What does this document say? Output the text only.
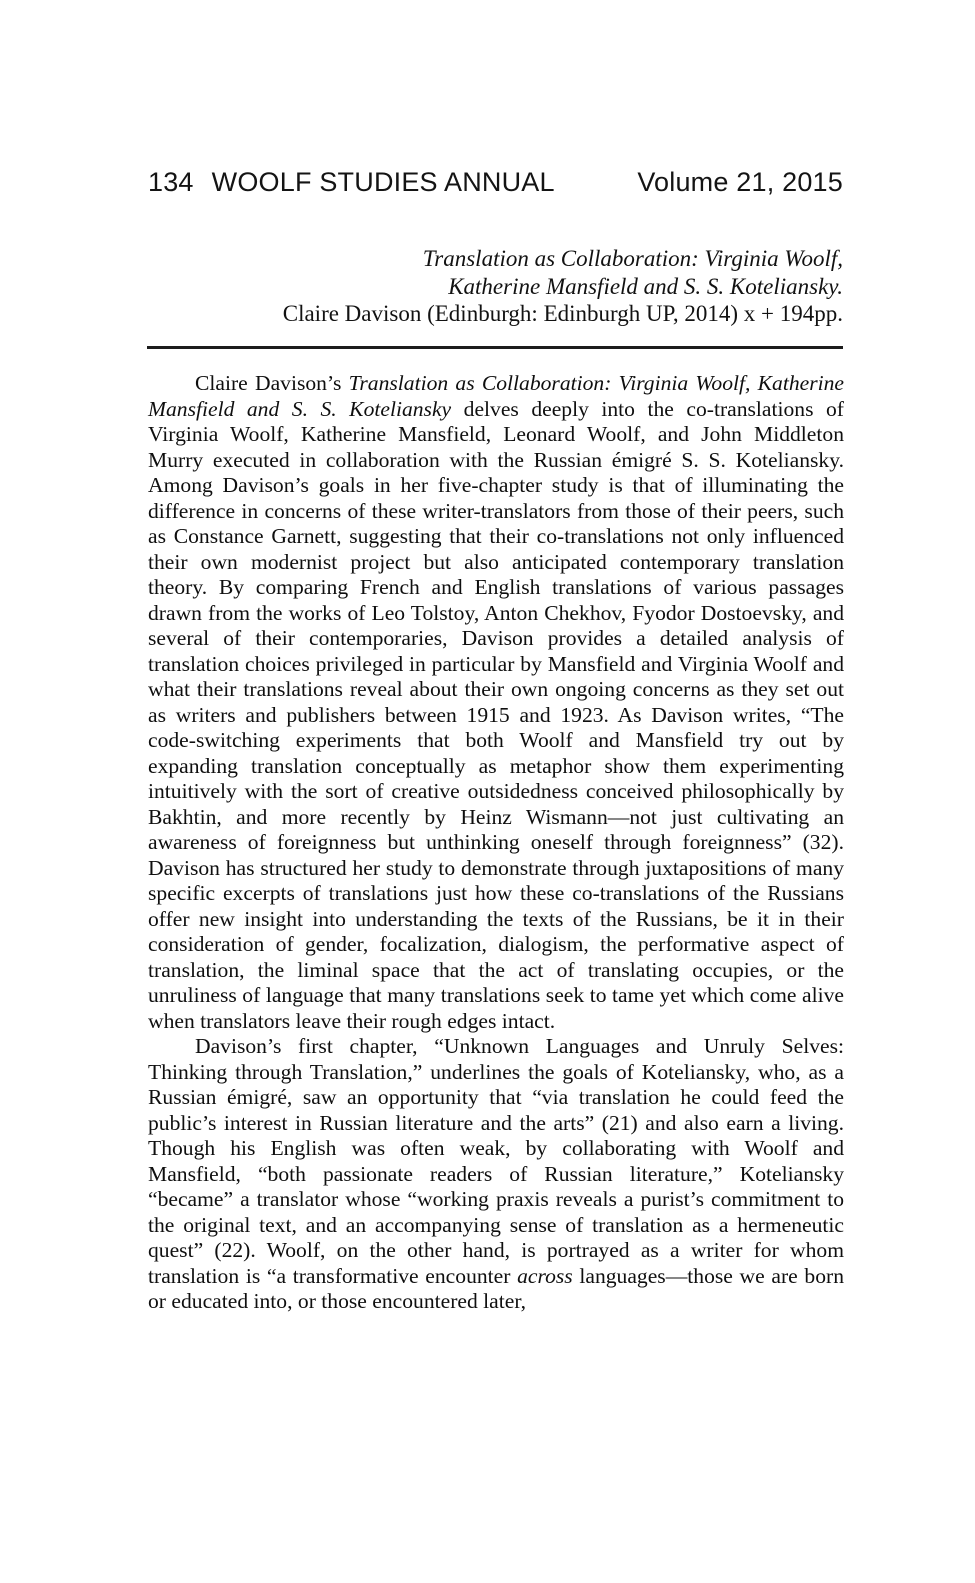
134 WOOLF STUDIES ANNUAL	Volume 21, 2015
Translation as Collaboration: Virginia Woolf,
Katherine Mansfield and S. S. Koteliansky.
Claire Davison (Edinburgh: Edinburgh UP, 2014) x + 194pp.

Claire Davison’s Translation as Collaboration: Virginia Woolf, Katherine Mansfield and S. S. Koteliansky delves deeply into the co-translations of Virginia Woolf, Katherine Mansfield, Leonard Woolf, and John Middleton Murry executed in collaboration with the Russian émigré S. S. Koteliansky. Among Davison’s goals in her five-chapter study is that of illuminating the difference in concerns of these writer-translators from those of their peers, such as Constance Garnett, suggesting that their co-translations not only influenced their own modernist project but also anticipated contemporary translation theory. By comparing French and English translations of various passages drawn from the works of Leo Tolstoy, Anton Chekhov, Fyodor Dostoevsky, and several of their contemporaries, Davison provides a detailed analysis of translation choices privileged in particular by Mansfield and Virginia Woolf and what their translations reveal about their own ongoing concerns as they set out as writers and publishers between 1915 and 1923. As Davison writes, “The code-switching experiments that both Woolf and Mansfield try out by expanding translation conceptually as metaphor show them experimenting intuitively with the sort of creative outsidedness conceived philosophically by Bakhtin, and more recently by Heinz Wismann—not just cultivating an awareness of foreignness but unthinking oneself through foreignness” (32). Davison has structured her study to demonstrate through juxtapositions of many specific excerpts of translations just how these co-translations of the Russians offer new insight into understanding the texts of the Russians, be it in their consideration of gender, focalization, dialogism, the performative aspect of translation, the liminal space that the act of translating occupies, or the unruliness of language that many translations seek to tame yet which come alive when translators leave their rough edges intact.

Davison’s first chapter, “Unknown Languages and Unruly Selves: Thinking through Translation,” underlines the goals of Koteliansky, who, as a Russian émigré, saw an opportunity that “via translation he could feed the public’s interest in Russian literature and the arts” (21) and also earn a living. Though his English was often weak, by collaborating with Woolf and Mansfield, “both passionate readers of Russian literature,” Koteliansky “became” a translator whose “working praxis reveals a purist’s commitment to the original text, and an accompanying sense of translation as a hermeneutic quest” (22). Woolf, on the other hand, is portrayed as a writer for whom translation is “a transformative encounter across languages—those we are born or educated into, or those encountered later,
